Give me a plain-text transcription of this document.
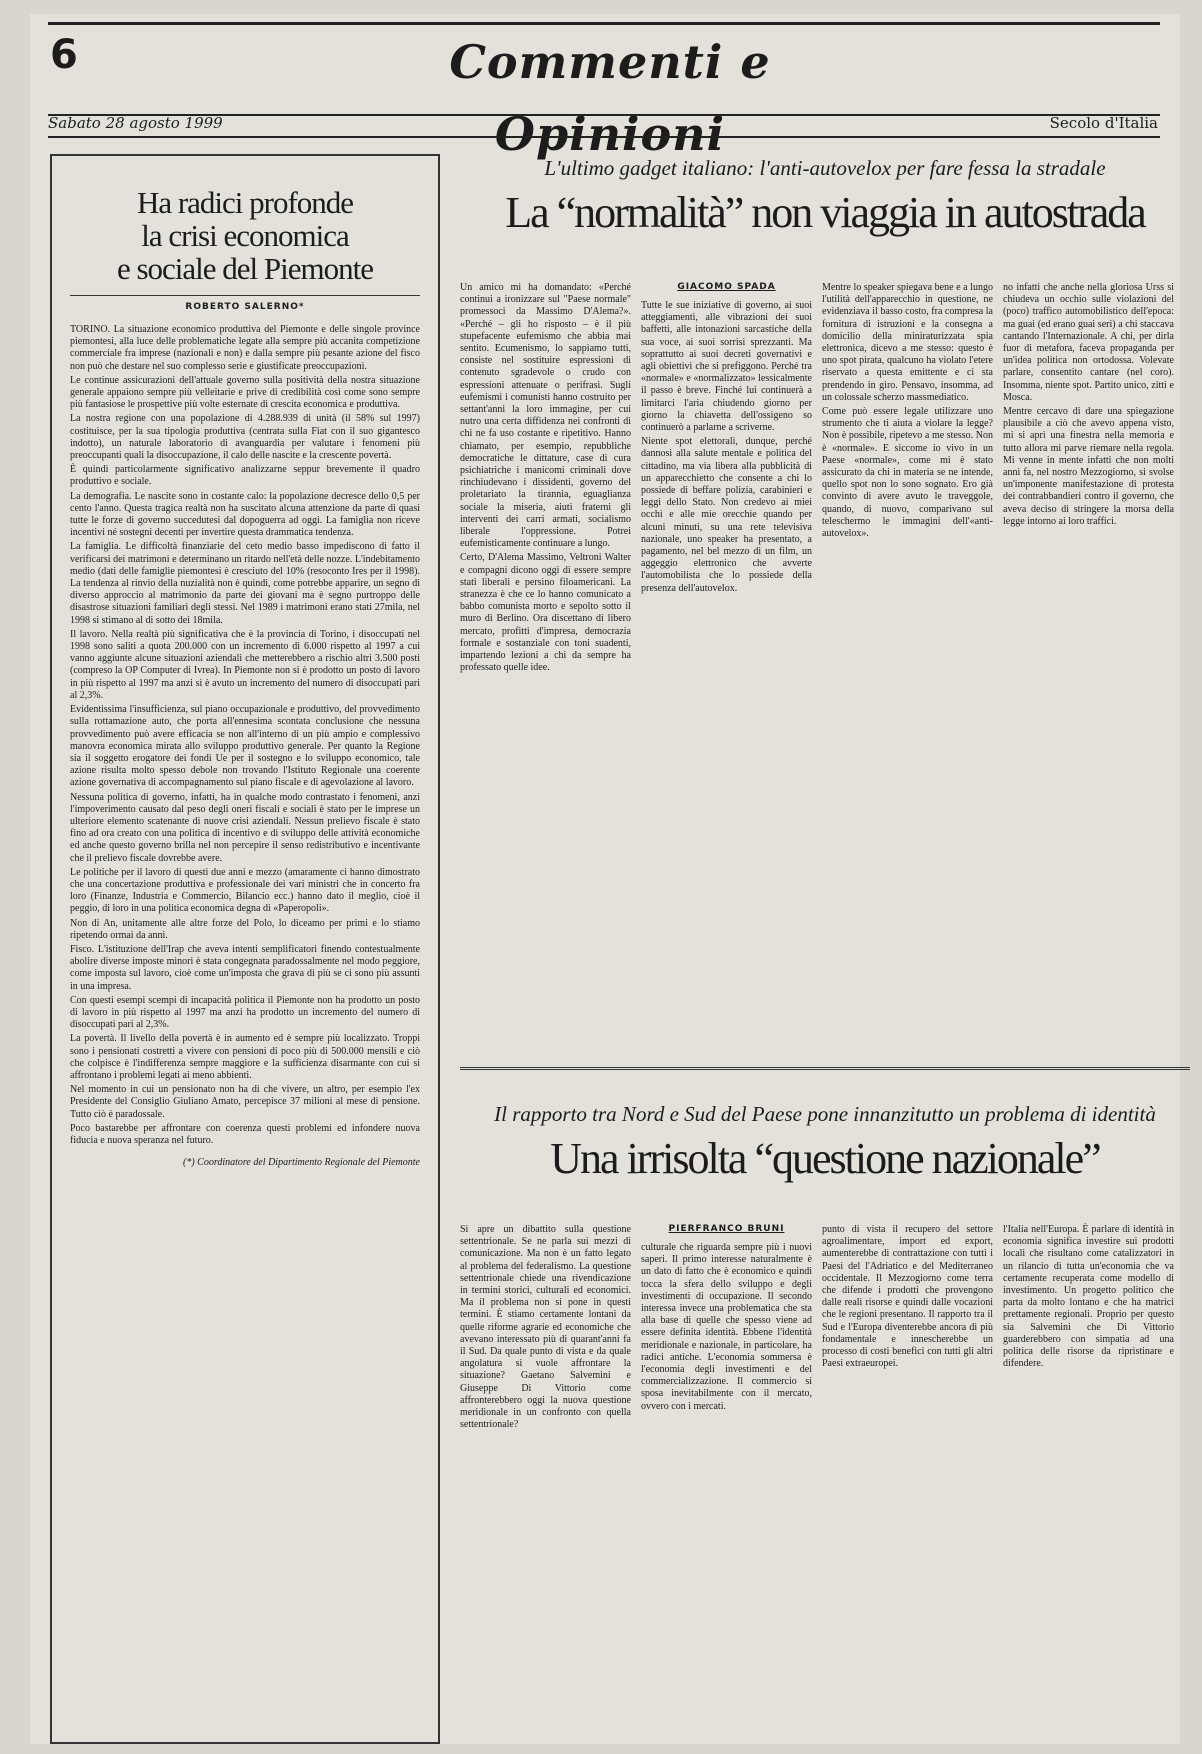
6	Commenti e Opinioni
Sabato 28 agosto 1999	Secolo d'Italia
Ha radici profonde
la crisi economica
e sociale del Piemonte
ROBERTO SALERNO*

TORINO. La situazione economico produttiva del Piemonte e delle singole province piemontesi, alla luce delle problematiche legate alla sempre più accanita competizione commerciale fra imprese (nazionali e non) e dalla sempre più pesante azione del fisco non può che destare nel suo complesso serie e giustificate preoccupazioni.

Le continue assicurazioni dell'attuale governo sulla positività della nostra situazione generale appaiono sempre più velleitarie e prive di credibilità così come sono sempre più fantasiose le prospettive più volte esternate di crescita economica e produttiva.

La nostra regione con una popolazione di 4.288.939 di unità (il 58% sul 1997) costituisce, per la sua tipologia produttiva (centrata sulla Fiat con il suo gigantesco indotto), un naturale laboratorio di avanguardia per valutare i fenomeni più preoccupanti quali la disoccupazione, il calo delle nascite e la crescente povertà.

È quindi particolarmente significativo analizzarne seppur brevemente il quadro produttivo e sociale.

La demografia. Le nascite sono in costante calo: la popolazione decresce dello 0,5 per cento l'anno. Questa tragica realtà non ha suscitato alcuna attenzione da parte di quasi tutte le forze di governo succedutesi dal dopoguerra ad oggi. La famiglia non riceve incentivi né sostegni decenti per invertire questa drammatica tendenza.

La famiglia. Le difficoltà finanziarie del ceto medio basso impediscono di fatto il verificarsi dei matrimoni e determinano un ritardo nell'età delle nozze. L'indebitamento medio (dati delle famiglie piemontesi è cresciuto del 10% (resoconto Ires per il 1998). La tendenza al rinvio della nuzialità non è quindi, come potrebbe apparire, un segno di diverso approccio al matrimonio da parte dei giovani ma è segno purtroppo delle disastrose situazioni familiari degli stessi. Nel 1989 i matrimoni erano stati 27mila, nel 1998 si stimano al di sotto dei 18mila.

Il lavoro. Nella realtà più significativa che è la provincia di Torino, i disoccupati nel 1998 sono saliti a quota 200.000 con un incremento di 6.000 rispetto al 1997 a cui vanno aggiunte alcune situazioni aziendali che metterebbero a rischio altri 3.500 posti (compreso la OP Computer di Ivrea). In Piemonte non si è prodotto un posto di lavoro in più rispetto al 1997 ma anzi si è avuto un incremento del numero di disoccupati pari al 2,3%.

Evidentissima l'insufficienza, sul piano occupazionale e produttivo, del provvedimento sulla rottamazione auto, che porta all'ennesima scontata conclusione che nessuna provvedimento può avere efficacia se non all'interno di un più ampio e complessivo manovra economica mirata allo sviluppo produttivo generale. Per quanto la Regione sia il soggetto erogatore dei fondi Ue per il sostegno e lo sviluppo economico, tale azione risulta molto spesso debole non trovando l'Istituto Regionale una coerente azione governativa di accompagnamento sul piano fiscale e di agevolazione al lavoro.

Nessuna politica di governo, infatti, ha in qualche modo contrastato i fenomeni, anzi l'impoverimento causato dal peso degli oneri fiscali e sociali è stato per le imprese un ulteriore elemento scatenante di nuove crisi aziendali. Nessun prelievo fiscale è stato fino ad ora creato con una politica di incentivo e di sviluppo delle attività economiche ed anche questo governo brilla nel non percepire il senso redistributivo e incentivante che il prelievo fiscale dovrebbe avere.

Le politiche per il lavoro di questi due anni e mezzo (amaramente ci hanno dimostrato che una concertazione produttiva e professionale dei vari ministri che in concerto fra loro (Finanze, Industria e Commercio, Bilancio ecc.) hanno dato il meglio, cioè il peggio, di loro in una politica economica degna di «Paperopoli».

Non di An, unitamente alle altre forze del Polo, lo diceamo per primi e lo stiamo ripetendo ormai da anni.

Fisco. L'istituzione dell'Irap che aveva intenti semplificatori finendo contestualmente abolire diverse imposte minori è stata congegnata paradossalmente nel modo peggiore, come imposta sul lavoro, cioè come un'imposta che grava di più se ci sono più assunti in una impresa.

Con questi esempi scempi di incapacità politica il Piemonte non ha prodotto un posto di lavoro in più rispetto al 1997 ma anzi ha prodotto un incremento del numero di disoccupati pari al 2,3%.

La povertà. Il livello della povertà è in aumento ed è sempre più localizzato. Troppi sono i pensionati costretti a vivere con pensioni di poco più di 500.000 mensili e ciò che colpisce è l'indifferenza sempre maggiore e la sufficienza disarmante con cui si affrontano i problemi legati ai meno abbienti.

Nel momento in cui un pensionato non ha di che vivere, un altro, per esempio l'ex Presidente del Consiglio Giuliano Amato, percepisce 37 milioni al mese di pensione. Tutto ciò è paradossale.

Poco bastarebbe per affrontare con coerenza questi problemi ed infondere nuova fiducia e nuova speranza nel futuro.

(*) Coordinatore del Dipartimento Regionale del Piemonte

L'ultimo gadget italiano: l'anti-autovelox per fare fessa la stradale

La “normalità” non viaggia in autostrada

Un amico mi ha domandato: «Perché continui a ironizzare sul "Paese normale" promessoci da Massimo D'Alema?». «Perché – gli ho risposto – è il più stupefacente eufemismo che abbia mai sentito. Ecumenismo, lo sappiamo tutti, consiste nel sostituire espressioni di contenuto sgradevole o crudo con espressioni attenuate o perifrasi. Sugli eufemismi i comunisti hanno costruito per settant'anni la loro immagine, per cui nutro una certa diffidenza nei confronti di chi ne fa uso costante e ripetitivo. Hanno chiamato, per esempio, repubbliche democratiche le dittature, case di cura psichiatriche i manicomi criminali dove rinchiudevano i dissidenti, governo del proletariato la tirannia, eguaglianza sociale la miseria, aiuti fraterni gli interventi dei carri armati, socialismo liberale l'oppressione. Potrei eufemisticamente continuare a lungo.

Certo, D'Alema Massimo, Veltroni Walter e compagni dicono oggi di essere sempre stati liberali e persino filoamericani. La stranezza è che ce lo hanno comunicato a babbo comunista morto e sepolto sotto il muro di Berlino. Ora discettano di libero mercato, profitti d'impresa, democrazia formale e sostanziale con toni suadenti, impartendo lezioni a chi da sempre ha professato quelle idee.

GIACOMO SPADA

Tutte le sue iniziative di governo, ai suoi atteggiamenti, alle vibrazioni dei suoi baffetti, alle intonazioni sarcastiche della sua voce, ai suoi sorrisi sprezzanti. Ma soprattutto ai suoi decreti governativi e agli obiettivi che si prefiggono. Perché tra «normale» e «normalizzato» lessicalmente il passo è breve. Finché lui continuerà a limitarci l'aria chiudendo giorno per giorno la chiavetta dell'ossigeno so continuerò a parlarne a scriverne.

Niente spot elettorali, dunque, perché dannosi alla salute mentale e politica del cittadino, ma via libera alla pubblicità di un apparecchietto che consente a chi lo possiede di beffare polizia, carabinieri e leggi dello Stato. Non credevo ai miei occhi e alle mie orecchie quando per alcuni minuti, su una rete televisiva nazionale, uno speaker ha presentato, a pagamento, nel bel mezzo di un film, un aggeggio elettronico che avverte l'automobilista che lo possiede della presenza dell'autovelox.

Mentre lo speaker spiegava bene e a lungo l'utilità dell'apparecchio in questione, ne evidenziava il basso costo, fra compresa la fornitura di istruzioni e la consegna a domicilio della miniraturizzata spia elettronica, dicevo a me stesso: questo è uno spot pirata, qualcuno ha violato l'etere riservato a questa emittente e ci sta prendendo in giro. Pensavo, insomma, ad un colossale scherzo massmediatico.

Come può essere legale utilizzare uno strumento che ti aiuta a violare la legge? Non è possibile, ripetevo a me stesso. Non è «normale». E siccome io vivo in un Paese «normale», come mi è stato assicurato da chi in materia se ne intende, quello spot non lo sono sognato. Ero già convinto di avere avuto le traveggole, quando, di nuovo, comparivano sul teleschermo le immagini dell'«anti-autovelox».

no infatti che anche nella gloriosa Urss si chiudeva un occhio sulle violazioni del (poco) traffico automobilistico dell'epoca: ma guai (ed erano guai seri) a chi staccava cantando l'Internazionale. A chi, per dirla fuor di metafora, faceva propaganda per un'idea politica non ortodossa. Volevate parlare, consentito cantare (nel coro). Insomma, niente spot. Partito unico, zitti e Mosca.

Mentre cercavo di dare una spiegazione plausibile a ciò che avevo appena visto, mi si aprì una finestra nella memoria e tutto allora mi parve riemare nella regola. Mi venne in mente infatti che non molti anni fa, nel nostro Mezzogiorno, si svolse un'imponente manifestazione di protesta dei contrabbandieri contro il governo, che aveva deciso di stringere la morsa della legge intorno ai loro traffici.

Il rapporto tra Nord e Sud del Paese pone innanzitutto un problema di identità

Una irrisolta “questione nazionale”

Si apre un dibattito sulla questione settentrionale. Se ne parla sui mezzi di comunicazione. Ma non è un fatto legato al problema del federalismo. La questione settentrionale chiede una rivendicazione in termini storici, culturali ed economici. Ma il problema non si pone in questi termini. È stiamo certamente lontani da quelle riforme agrarie ed economiche che avevano interessato più di quarant'anni fa il Sud. Da quale punto di vista e da quale angolatura si vuole affrontare la situazione? Gaetano Salvemini e Giuseppe Di Vittorio come affronterebbero oggi la nuova questione meridionale in un confronto con quella settentrionale?

PIERFRANCO BRUNI

culturale che riguarda sempre più i nuovi saperi. Il primo interesse naturalmente è un dato di fatto che è economico e quindi tocca la sfera dello sviluppo e degli investimenti di occupazione. Il secondo interessa invece una problematica che sta alla base di quelle che spesso viene ad essere definita identità. Ebbene l'identità meridionale e nazionale, in particolare, ha radici antiche. L'economia sommersa è l'economia degli investimenti e del commercializzazione. Il commercio si sposa inevitabilmente con il mercato, ovvero con i mercati.

punto di vista il recupero del settore agroalimentare, import ed export, aumenterebbe di contrattazione con tutti i Paesi del l'Adriatico e del Mediterraneo occidentale. Il Mezzogiorno come terra che difende i prodotti che provengono dalle reali risorse e quindi dalle vocazioni che le regioni presentano. Il rapporto tra il Sud e l'Europa diventerebbe ancora di più fondamentale e innescherebbe un processo di costi benefici con tutti gli altri Paesi extraeuropei.

l'Italia nell'Europa. È parlare di identità in economia significa investire sui prodotti locali che risultano come catalizzatori in un rilancio di tutta un'economia che va certamente recuperata come modello di investimento. Un progetto politico che parta da molto lontano e che ha matrici prettamente regionali. Proprio per questo sia Salvemini che Di Vittorio guarderebbero con simpatia ad una politica delle risorse da ripristinare e difendere.
